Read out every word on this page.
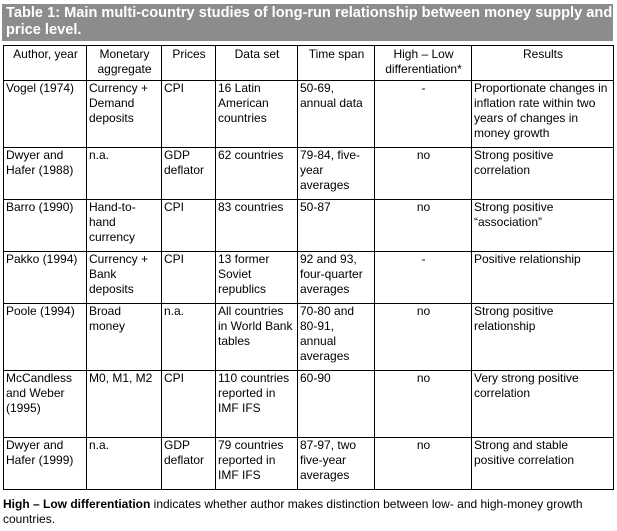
Table 1: Main multi-country studies of long-run relationship between money supply and price level.
Author, year	Monetary aggregate	Prices	Data set	Time span	High – Low differentiation*	Results
Vogel (1974)	Currency + Demand deposits	CPI	16 Latin American countries	50-69, annual data	-	Proportionate changes in inflation rate within two years of changes in money growth
Dwyer and Hafer (1988)	n.a.	GDP deflator	62 countries	79-84, five-year averages	no	Strong positive correlation
Barro (1990)	Hand-to-hand currency	CPI	83 countries	50-87	no	Strong positive “association”
Pakko (1994)	Currency + Bank deposits	CPI	13 former Soviet republics	92 and 93, four-quarter averages	-	Positive relationship
Poole (1994)	Broad money	n.a.	All countries in World Bank tables	70-80 and 80-91, annual averages	no	Strong positive relationship
McCandless and Weber (1995)	M0, M1, M2	CPI	110 countries reported in IMF IFS	60-90	no	Very strong positive correlation
Dwyer and Hafer (1999)	n.a.	GDP deflator	79 countries reported in IMF IFS	87-97, two five-year averages	no	Strong and stable positive correlation
High – Low differentiation indicates whether author makes distinction between low- and high-money growth countries.
